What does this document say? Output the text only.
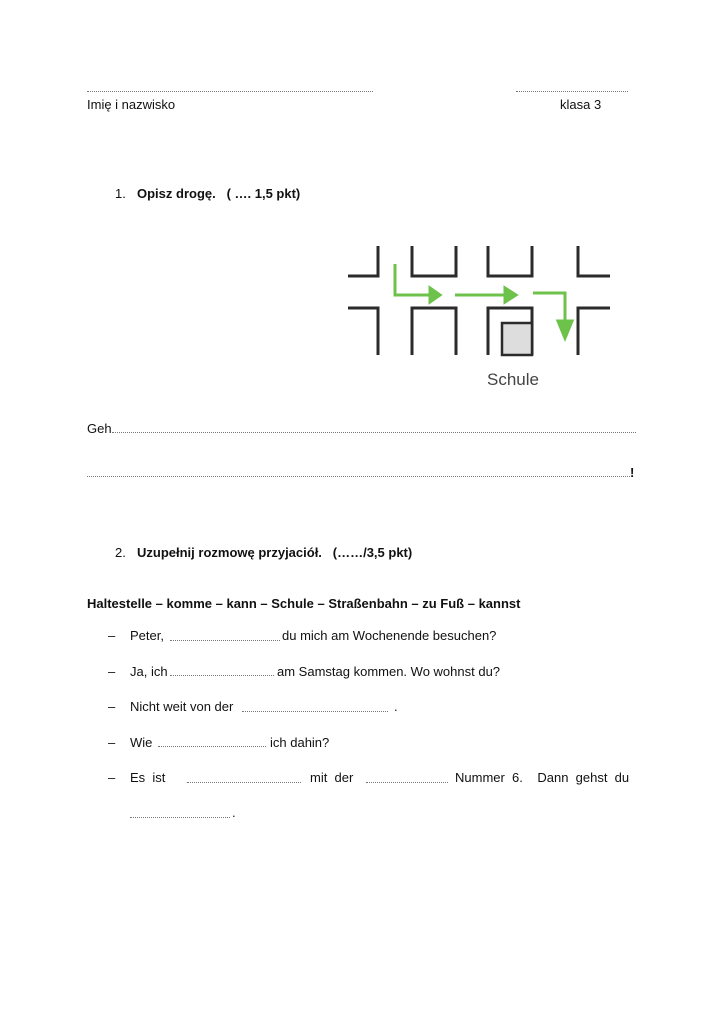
Imię i nazwisko	klasa 3
1. Opisz drogę.   ( …. 1,5 pkt)
Schule
Geh
!
2. Uzupełnij rozmowę przyjaciół.   (……/3,5 pkt)
Haltestelle – komme – kann – Schule – Straßenbahn – zu Fuß – kannst
– Peter,	du mich am Wochenende besuchen?
– Ja, ich	am Samstag kommen. Wo wohnst du?
– Nicht weit von der	.
– Wie	ich dahin?
– Es  ist	mit  der	Nummer  6.    Dann  gehst  du
.
